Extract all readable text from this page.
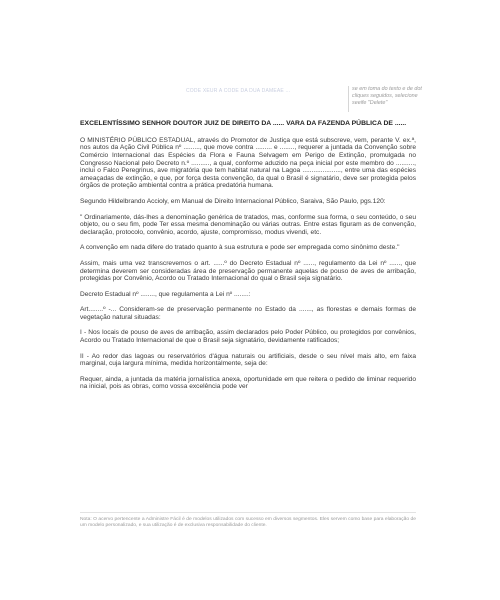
CODE XEUR A CODE DA DUA DAMEAE ...	se em toma do texto e de dot
cliques seguidos, selecione
seeife "Delete"

EXCELENTÍSSIMO SENHOR DOUTOR JUIZ DE DIREITO DA ...... VARA DA FAZENDA PÚBLICA DE ......

O MINISTÉRIO PÚBLICO ESTADUAL, através do Promotor de Justiça que está subscreve, vem, perante V. ex.ª, nos autos da Ação Civil Pública nº ........., que move contra ......... e ........, requerer a juntada da Convenção sobre Comércio Internacional das Espécies da Flora e Fauna Selvagem em Perigo de Extinção, promulgada no Congresso Nacional pelo Decreto n.º .........., a qual, conforme aduzido na peça inicial por este membro do .........., inclui o Falco Peregrinus, ave migratória que tem habitat natural na Lagoa ....................., entre uma das espécies ameaçadas de extinção, e que, por força desta convenção, da qual o Brasil é signatário, deve ser protegida pelos órgãos de proteção ambiental contra a prática predatória humana.

Segundo Hildelbrando Accioly, em Manual de Direito Internacional Público, Saraiva, São Paulo, pgs.120:

" Ordinariamente, dás-lhes a denominação genérica de tratados, mas, conforme sua forma, o seu conteúdo, o seu objeto, ou o seu fim, pode Ter essa mesma denominação ou várias outras. Entre estas figuram as de convenção, declaração, protocolo, convênio, acordo, ajuste, compromisso, modus vivendi, etc.

A convenção em nada difere do tratado quanto à sua estrutura e pode ser empregada como sinônimo deste."

Assim, mais uma vez transcrevemos o art. ......º do Decreto Estadual nº ......, regulamento da Lei nº ......, que determina deverem ser consideradas área de preservação permanente aquelas de pouso de aves de arribação, protegidas por Convênio, Acordo ou Tratado Internacional do qual o Brasil seja signatário.

Decreto Estadual nº ........, que regulamenta a Lei nº ........:

Art........º -... Consideram-se de preservação permanente no Estado da ......., as florestas e demais formas de vegetação natural situadas:

I - Nos locais de pouso de aves de arribação, assim declarados pelo Poder Público, ou protegidos por convênios, Acordo ou Tratado Internacional de que o Brasil seja signatário, devidamente ratificados;

II - Ao redor das lagoas ou reservatórios d'água naturais ou artificiais, desde o seu nível mais alto, em faixa marginal, cuja largura mínima, medida horizontalmente, seja de:

Requer, ainda, a juntada da matéria jornalística anexa, oportunidade em que reitera o pedido de liminar requerido na inicial, pois as obras, como vossa excelência pode ver

Nota: O acervo pertencente a Administre Fácil é de modelos utilizados com sucesso em diversos segmentos. Eles servem como base para elaboração de um modelo personalizado, e sua utilização é de exclusiva responsabilidade do cliente.
